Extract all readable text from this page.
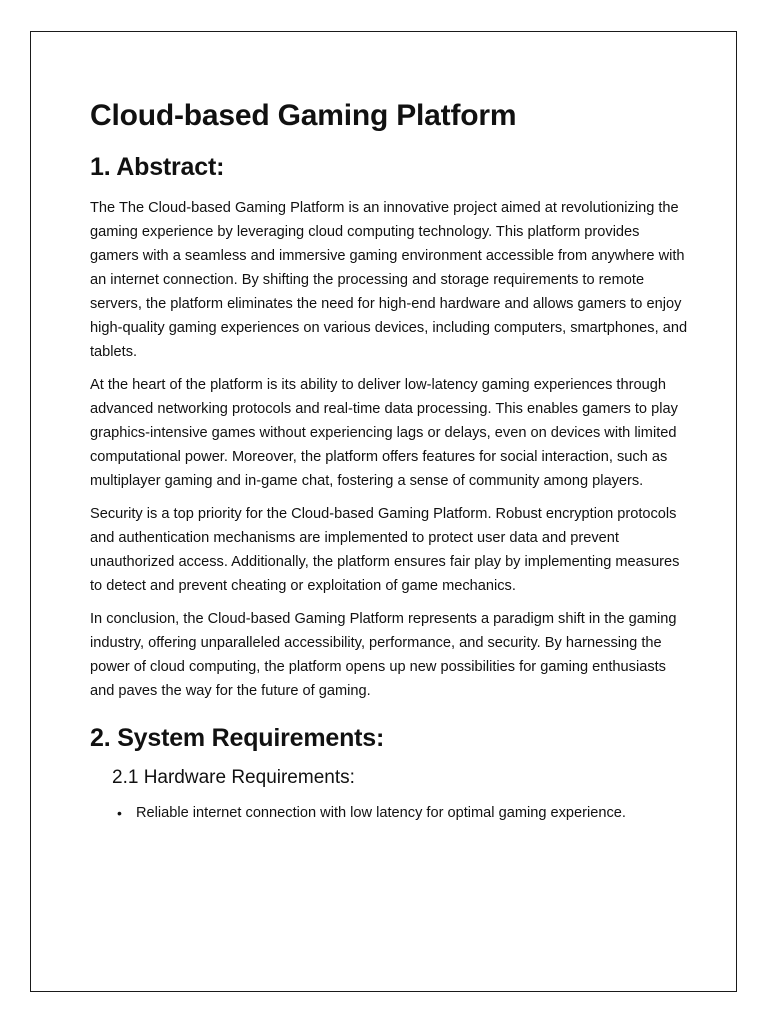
Cloud-based Gaming Platform
1. Abstract:

The The Cloud-based Gaming Platform is an innovative project aimed at revolutionizing the gaming experience by leveraging cloud computing technology. This platform provides gamers with a seamless and immersive gaming environment accessible from anywhere with an internet connection. By shifting the processing and storage requirements to remote servers, the platform eliminates the need for high-end hardware and allows gamers to enjoy high-quality gaming experiences on various devices, including computers, smartphones, and tablets.

At the heart of the platform is its ability to deliver low-latency gaming experiences through advanced networking protocols and real-time data processing. This enables gamers to play graphics-intensive games without experiencing lags or delays, even on devices with limited computational power. Moreover, the platform offers features for social interaction, such as multiplayer gaming and in-game chat, fostering a sense of community among players.

Security is a top priority for the Cloud-based Gaming Platform. Robust encryption protocols and authentication mechanisms are implemented to protect user data and prevent unauthorized access. Additionally, the platform ensures fair play by implementing measures to detect and prevent cheating or exploitation of game mechanics.

In conclusion, the Cloud-based Gaming Platform represents a paradigm shift in the gaming industry, offering unparalleled accessibility, performance, and security. By harnessing the power of cloud computing, the platform opens up new possibilities for gaming enthusiasts and paves the way for the future of gaming.

2. System Requirements:
2.1 Hardware Requirements:
• Reliable internet connection with low latency for optimal gaming experience.
